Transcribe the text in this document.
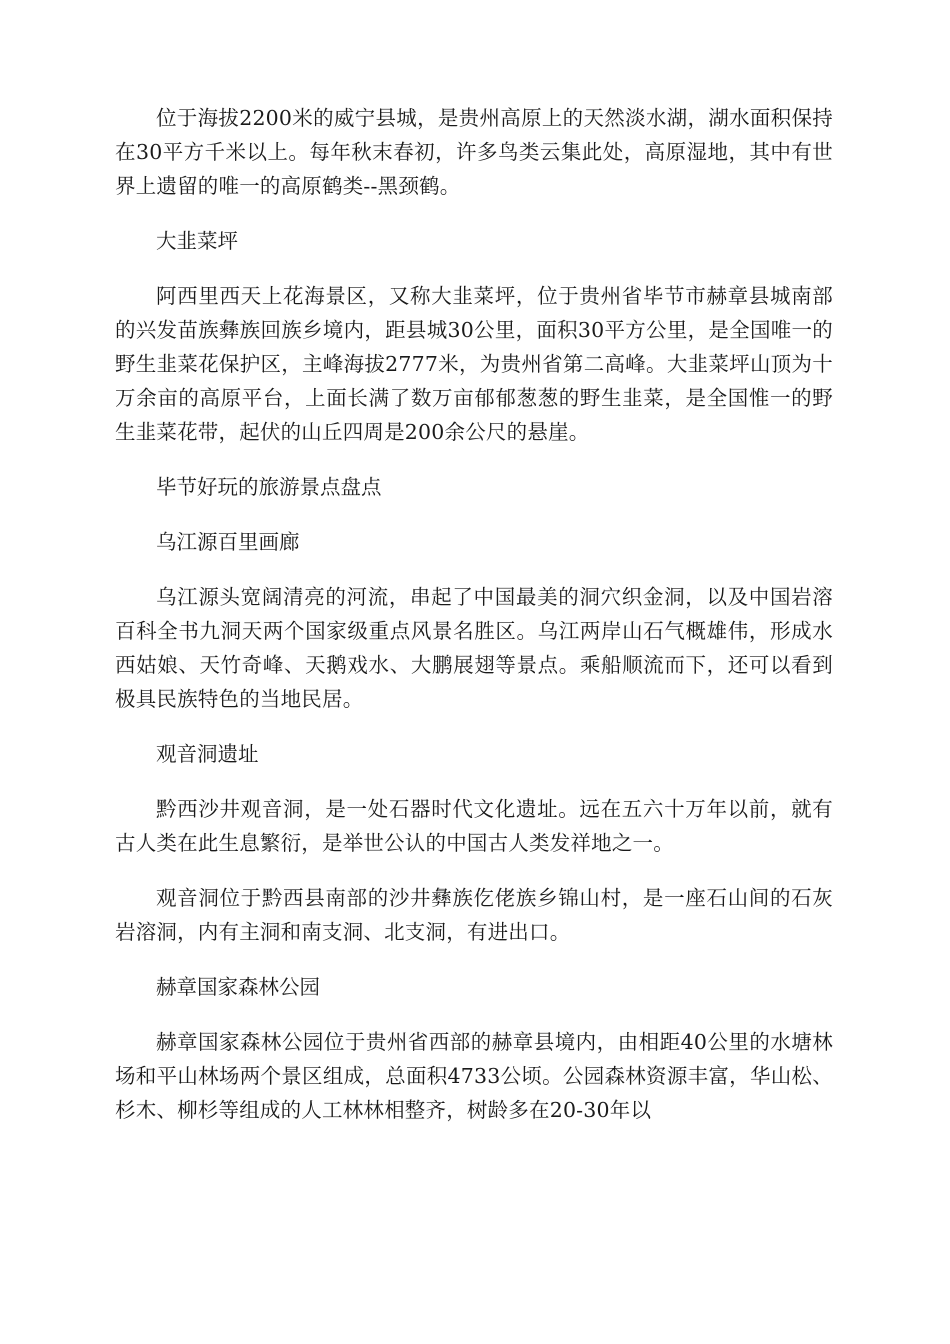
位于海拔2200米的威宁县城，是贵州高原上的天然淡水湖，湖水面积保持在30平方千米以上。每年秋末春初，许多鸟类云集此处，高原湿地，其中有世界上遗留的唯一的高原鹤类--黑颈鹤。

大韭菜坪

阿西里西天上花海景区，又称大韭菜坪，位于贵州省毕节市赫章县城南部的兴发苗族彝族回族乡境内，距县城30公里，面积30平方公里，是全国唯一的野生韭菜花保护区，主峰海拔2777米，为贵州省第二高峰。大韭菜坪山顶为十万余亩的高原平台，上面长满了数万亩郁郁葱葱的野生韭菜，是全国惟一的野生韭菜花带，起伏的山丘四周是200余公尺的悬崖。

毕节好玩的旅游景点盘点

乌江源百里画廊

乌江源头宽阔清亮的河流，串起了中国最美的洞穴织金洞，以及中国岩溶百科全书九洞天两个国家级重点风景名胜区。乌江两岸山石气概雄伟，形成水西姑娘、天竹奇峰、天鹅戏水、大鹏展翅等景点。乘船顺流而下，还可以看到极具民族特色的当地民居。

观音洞遗址

黔西沙井观音洞，是一处石器时代文化遗址。远在五六十万年以前，就有古人类在此生息繁衍，是举世公认的中国古人类发祥地之一。

观音洞位于黔西县南部的沙井彝族仡佬族乡锦山村，是一座石山间的石灰岩溶洞，内有主洞和南支洞、北支洞，有进出口。

赫章国家森林公园

赫章国家森林公园位于贵州省西部的赫章县境内，由相距40公里的水塘林场和平山林场两个景区组成，总面积4733公顷。公园森林资源丰富，华山松、杉木、柳杉等组成的人工林林相整齐，树龄多在20-30年以
